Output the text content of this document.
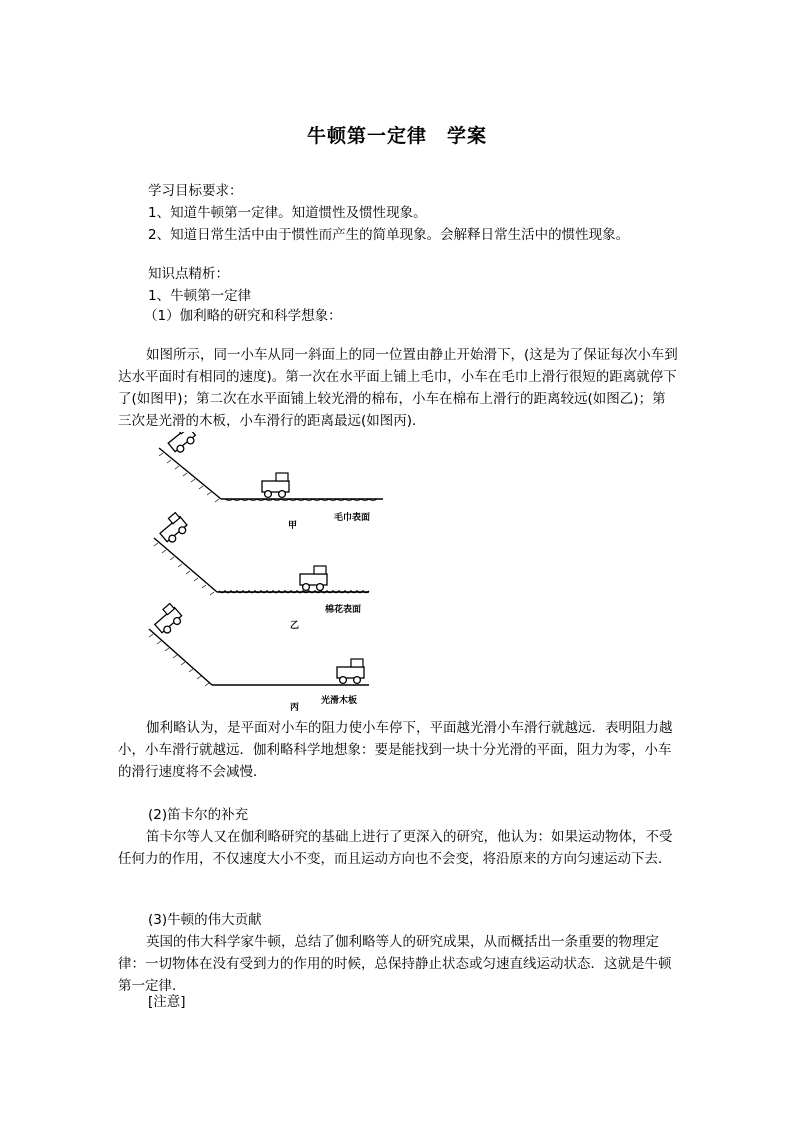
牛顿第一定律　学案
学习目标要求：
1、知道牛顿第一定律。知道惯性及惯性现象。
2、知道日常生活中由于惯性而产生的简单现象。会解释日常生活中的惯性现象。
知识点精析：
1、牛顿第一定律
（1）伽利略的研究和科学想象：
如图所示，同一小车从同一斜面上的同一位置由静止开始滑下，(这是为了保证每次小车到达水平面时有相同的速度)。第一次在水平面上铺上毛巾，小车在毛巾上滑行很短的距离就停下了(如图甲)；第二次在水平面铺上较光滑的棉布，小车在棉布上滑行的距离较远(如图乙)；第三次是光滑的木板，小车滑行的距离最远(如图丙)．
甲
毛巾表面
乙
棉花表面
丙
光滑木板
伽利略认为，是平面对小车的阻力使小车停下，平面越光滑小车滑行就越远．表明阻力越小，小车滑行就越远．伽利略科学地想象：要是能找到一块十分光滑的平面，阻力为零，小车的滑行速度将不会减慢．
(2)笛卡尔的补充
笛卡尔等人又在伽利略研究的基础上进行了更深入的研究，他认为：如果运动物体，不受任何力的作用，不仅速度大小不变，而且运动方向也不会变，将沿原来的方向匀速运动下去．
(3)牛顿的伟大贡献
英国的伟大科学家牛顿，总结了伽利略等人的研究成果，从而概括出一条重要的物理定律：一切物体在没有受到力的作用的时候，总保持静止状态或匀速直线运动状态．这就是牛顿第一定律．
[注意]
